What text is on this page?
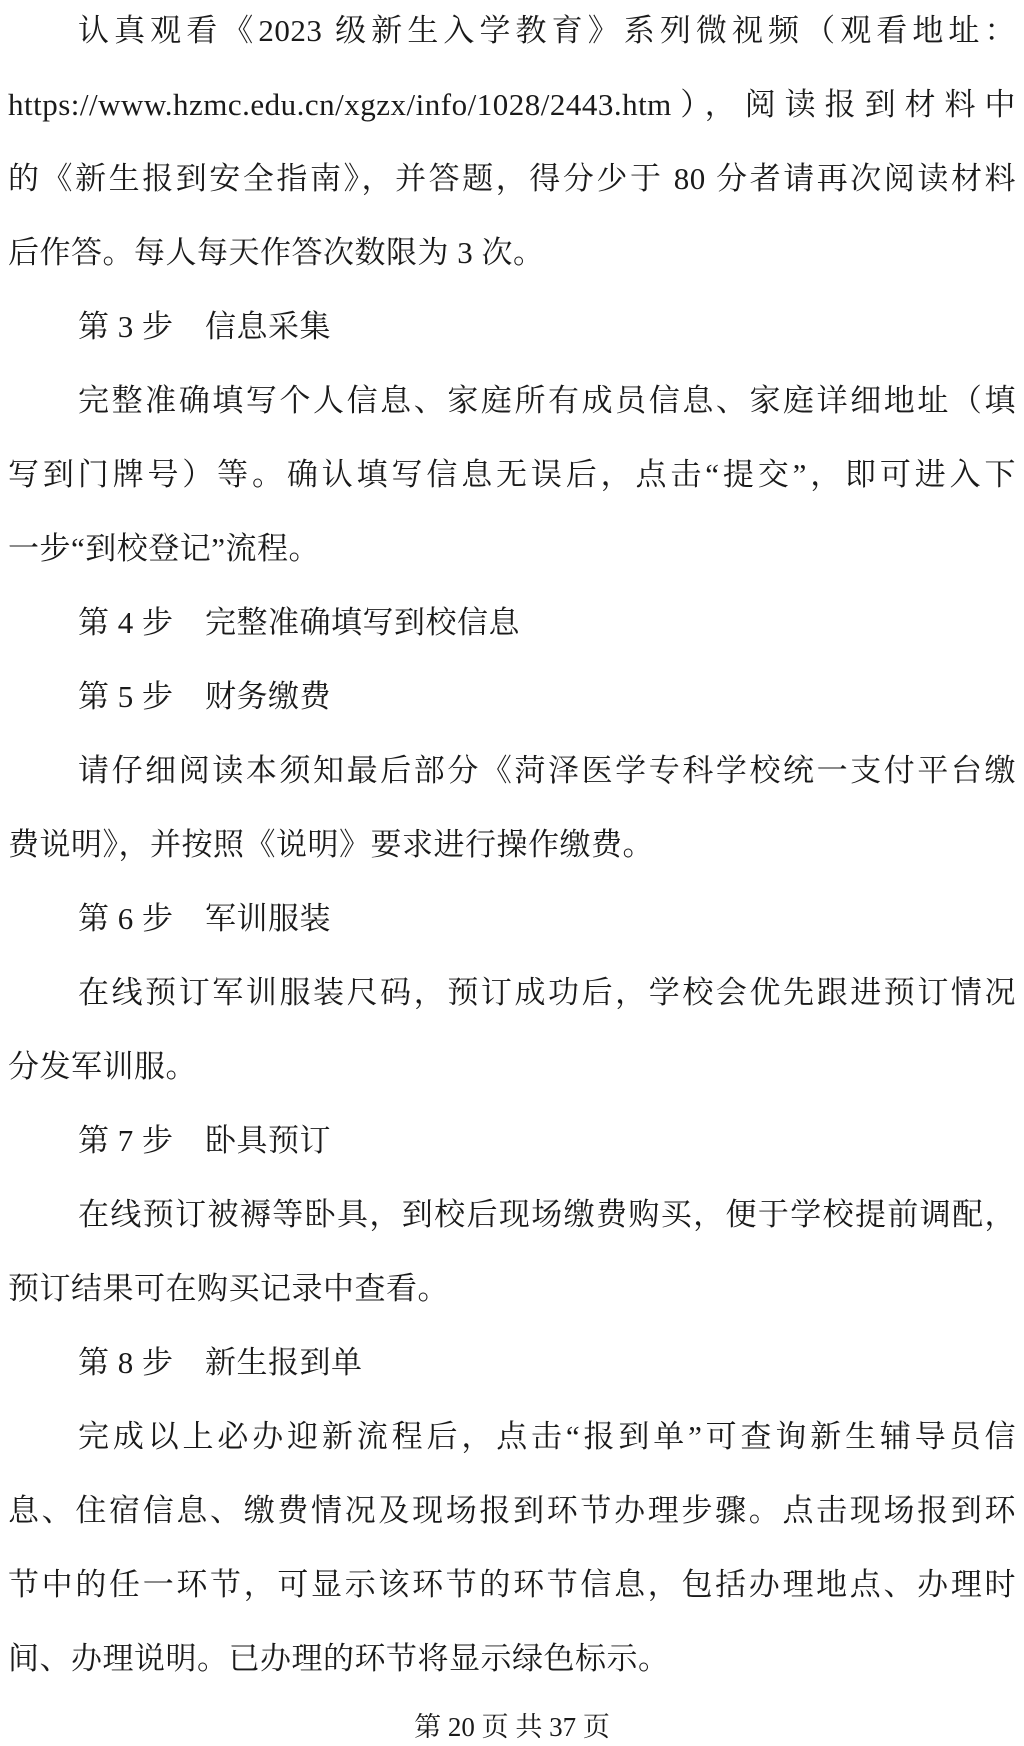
认真观看《2023 级新生入学教育》系列微视频（观看地址：
https://www.hzmc.edu.cn/xgzx/info/1028/2443.htm），阅读报到材料中
的《新生报到安全指南》，并答题，得分少于 80 分者请再次阅读材料
后作答。每人每天作答次数限为 3 次。
第 3 步　信息采集
完整准确填写个人信息、家庭所有成员信息、家庭详细地址（填
写到门牌号）等。确认填写信息无误后，点击“提交”，即可进入下
一步“到校登记”流程。
第 4 步　完整准确填写到校信息
第 5 步　财务缴费
请仔细阅读本须知最后部分《菏泽医学专科学校统一支付平台缴
费说明》，并按照《说明》要求进行操作缴费。
第 6 步　军训服装
在线预订军训服装尺码，预订成功后，学校会优先跟进预订情况
分发军训服。
第 7 步　卧具预订
在线预订被褥等卧具，到校后现场缴费购买，便于学校提前调配，
预订结果可在购买记录中查看。
第 8 步　新生报到单
完成以上必办迎新流程后，点击“报到单”可查询新生辅导员信
息、住宿信息、缴费情况及现场报到环节办理步骤。点击现场报到环
节中的任一环节，可显示该环节的环节信息，包括办理地点、办理时
间、办理说明。已办理的环节将显示绿色标示。
第 20 页 共 37 页
